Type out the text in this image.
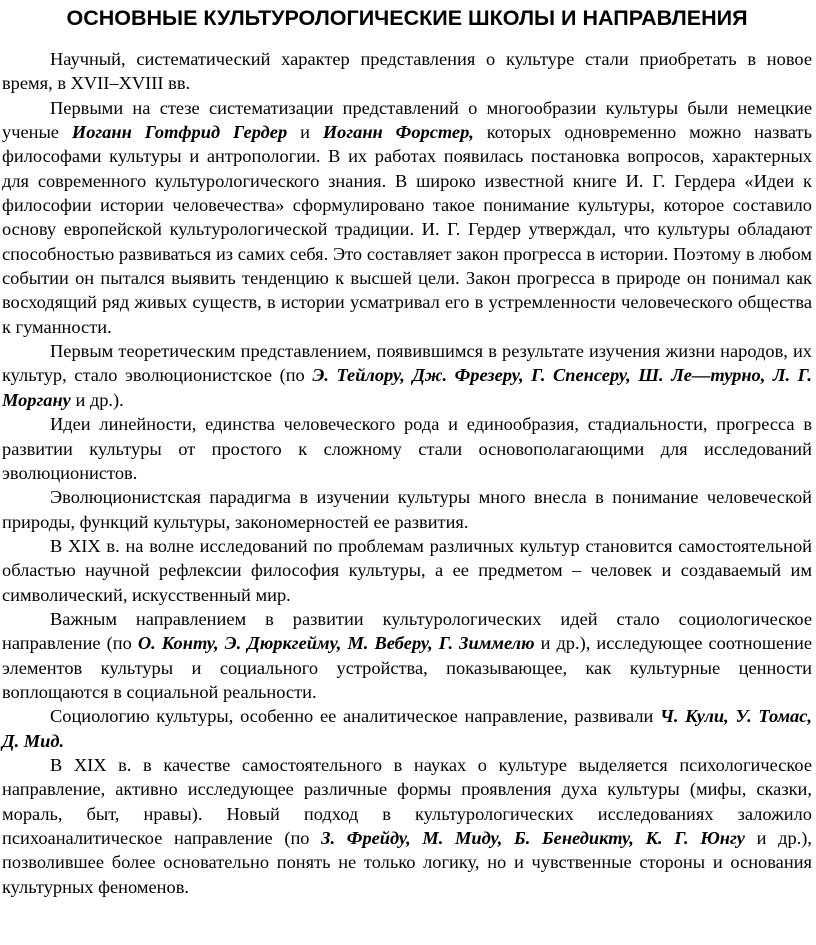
ОСНОВНЫЕ КУЛЬТУРОЛОГИЧЕСКИЕ ШКОЛЫ И НАПРАВЛЕНИЯ

Научный, систематический характер представления о культуре стали приобретать в новое время, в XVII–XVIII вв.

Первыми на стезе систематизации представлений о многообразии культуры были немецкие ученые Иоганн Готфрид Гердер и Иоганн Форстер, которых одновременно можно назвать философами культуры и антропологии. В их работах появилась постановка вопросов, характерных для современного культурологического знания. В широко известной книге И. Г. Гердера «Идеи к философии истории человечества» сформулировано такое понимание культуры, которое составило основу европейской культурологической традиции. И. Г. Гердер утверждал, что культуры обладают способностью развиваться из самих себя. Это составляет закон прогресса в истории. Поэтому в любом событии он пытался выявить тенденцию к высшей цели. Закон прогресса в природе он понимал как восходящий ряд живых существ, в истории усматривал его в устремленности человеческого общества к гуманности.

Первым теоретическим представлением, появившимся в результате изучения жизни народов, их культур, стало эволюционистское (по Э. Тейлору, Дж. Фрезеру, Г. Спенсеру, Ш. Ле—турно, Л. Г. Моргану и др.).

Идеи линейности, единства человеческого рода и единообразия, стадиальности, прогресса в развитии культуры от простого к сложному стали основополагающими для исследований эволюционистов.

Эволюционистская парадигма в изучении культуры много внесла в понимание человеческой природы, функций культуры, закономерностей ее развития.

В XIX в. на волне исследований по проблемам различных культур становится самостоятельной областью научной рефлексии философия культуры, а ее предметом – человек и создаваемый им символический, искусственный мир.

Важным направлением в развитии культурологических идей стало социологическое направление (по О. Конту, Э. Дюркгейму, М. Веберу, Г. Зиммелю и др.), исследующее соотношение элементов культуры и социального устройства, показывающее, как культурные ценности воплощаются в социальной реальности.

Социологию культуры, особенно ее аналитическое направление, развивали Ч. Кули, У. Томас, Д. Мид.

В XIX в. в качестве самостоятельного в науках о культуре выделяется психологическое направление, активно исследующее различные формы проявления духа культуры (мифы, сказки, мораль, быт, нравы). Новый подход в культурологических исследованиях заложило психоаналитическое направление (по З. Фрейду, М. Миду, Б. Бенедикту, К. Г. Юнгу и др.), позволившее более основательно понять не только логику, но и чувственные стороны и основания культурных феноменов.
